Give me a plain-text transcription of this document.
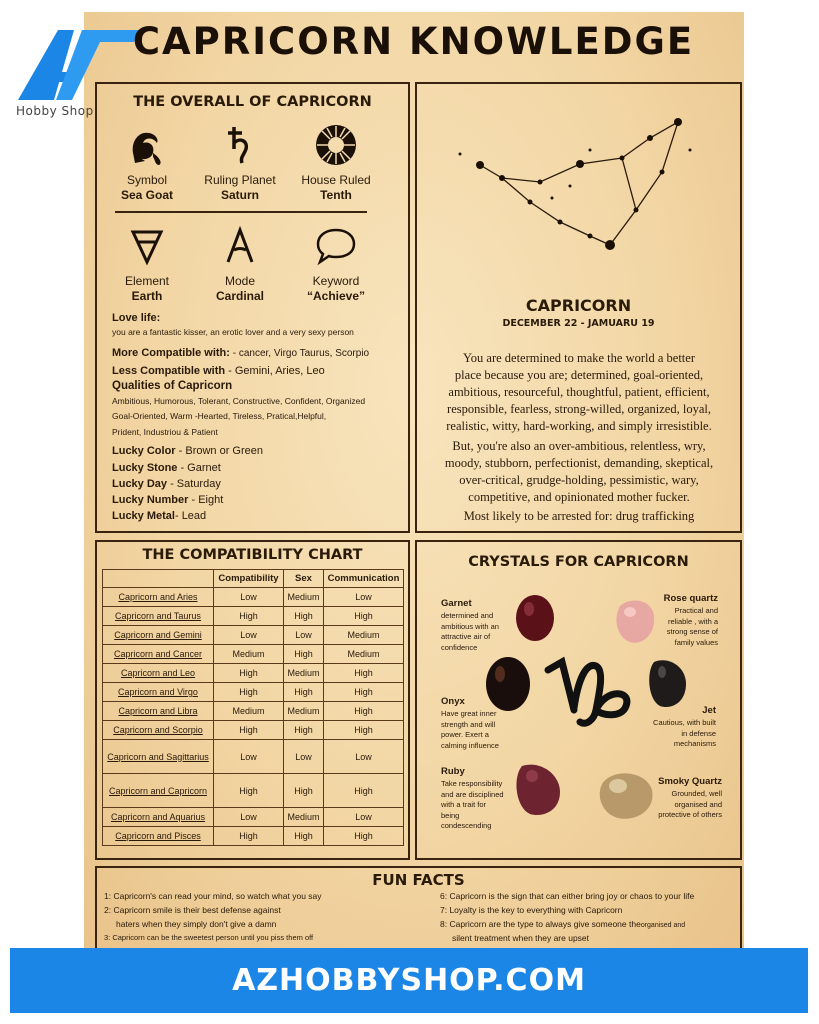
Hobby Shop
CAPRICORN KNOWLEDGE
THE OVERALL OF CAPRICORN
Symbol
Sea Goat
Ruling Planet
Saturn
House Ruled
Tenth
Element
Earth
Mode
Cardinal
Keyword
“Achieve”
Love life:
you are a fantastic kisser, an erotic lover and a very sexy person
More Compatible with: - cancer, Virgo Taurus, Scorpio
Less Compatible with - Gemini, Aries, Leo
Qualities of Capricorn
Ambitious, Humorous, Tolerant, Constructive, Confident, Organized
Goal-Oriented, Warm -Hearted, Tireless, Pratical,Helpful,
Prident, Industriou & Patient
Lucky Color - Brown or Green
Lucky Stone - Garnet
Lucky Day - Saturday
Lucky Number - Eight
Lucky Metal- Lead
CAPRICORN
DECEMBER 22 - JAMUARU 19
You are determined to make the world a better
place because you are; determined, goal-oriented,
ambitious, resourceful, thoughtful, patient, efficient,
responsible, fearless, strong-willed, organized, loyal,
realistic, witty, hard-working, and simply irresistible.
But, you're also an over-ambitious, relentless, wry,
moody, stubborn, perfectionist, demanding, skeptical,
over-critical, grudge-holding, pessimistic, wary,
competitive, and opinionated mother fucker.
Most likely to be arrested for: drug trafficking
THE COMPATIBILITY CHART
	Compatibility	Sex	Communication
Capricorn and Aries	Low	Medium	Low
Capricorn and Taurus	High	High	High
Capricorn and Gemini	Low	Low	Medium
Capricorn and Cancer	Medium	High	Medium
Capricorn and Leo	High	Medium	High
Capricorn and Virgo	High	High	High
Capricorn and Libra	Medium	Medium	High
Capricorn and Scorpio	High	High	High
Capricorn and Sagittarius	Low	Low	Low
Capricorn and Capricorn	High	High	High
Capricorn and Aquarius	Low	Medium	Low
Capricorn and Pisces	High	High	High
CRYSTALS FOR CAPRICORN
Garnet
determined and
ambitious with an
attractive air of
confidence
Rose quartz
Practical and
reliable , with a
strong sense of
family values
Onyx
Have great inner
strength and will
power. Exert a
calming influence
Jet
Cautious, with built
in defense
mechanisms
Ruby
Take responsibility
and are disciplined
with a trait for
being
condescending
Smoky Quartz
Grounded, well
organised and
protective of others
FUN FACTS
1: Capricorn's can read your mind, so watch what you say
2: Capricorn smile is their best defense against
haters when they simply don't give a damn
3: Capricorn can be the sweetest person until you piss them off
6: Capricorn is the sign that can either bring joy or chaos to your life
7: Loyalty is the key to everything with Capricorn
8: Capricorn are the type to always give someone theorganised and
silent treatment when they are upset
AZHOBBYSHOP.COM
